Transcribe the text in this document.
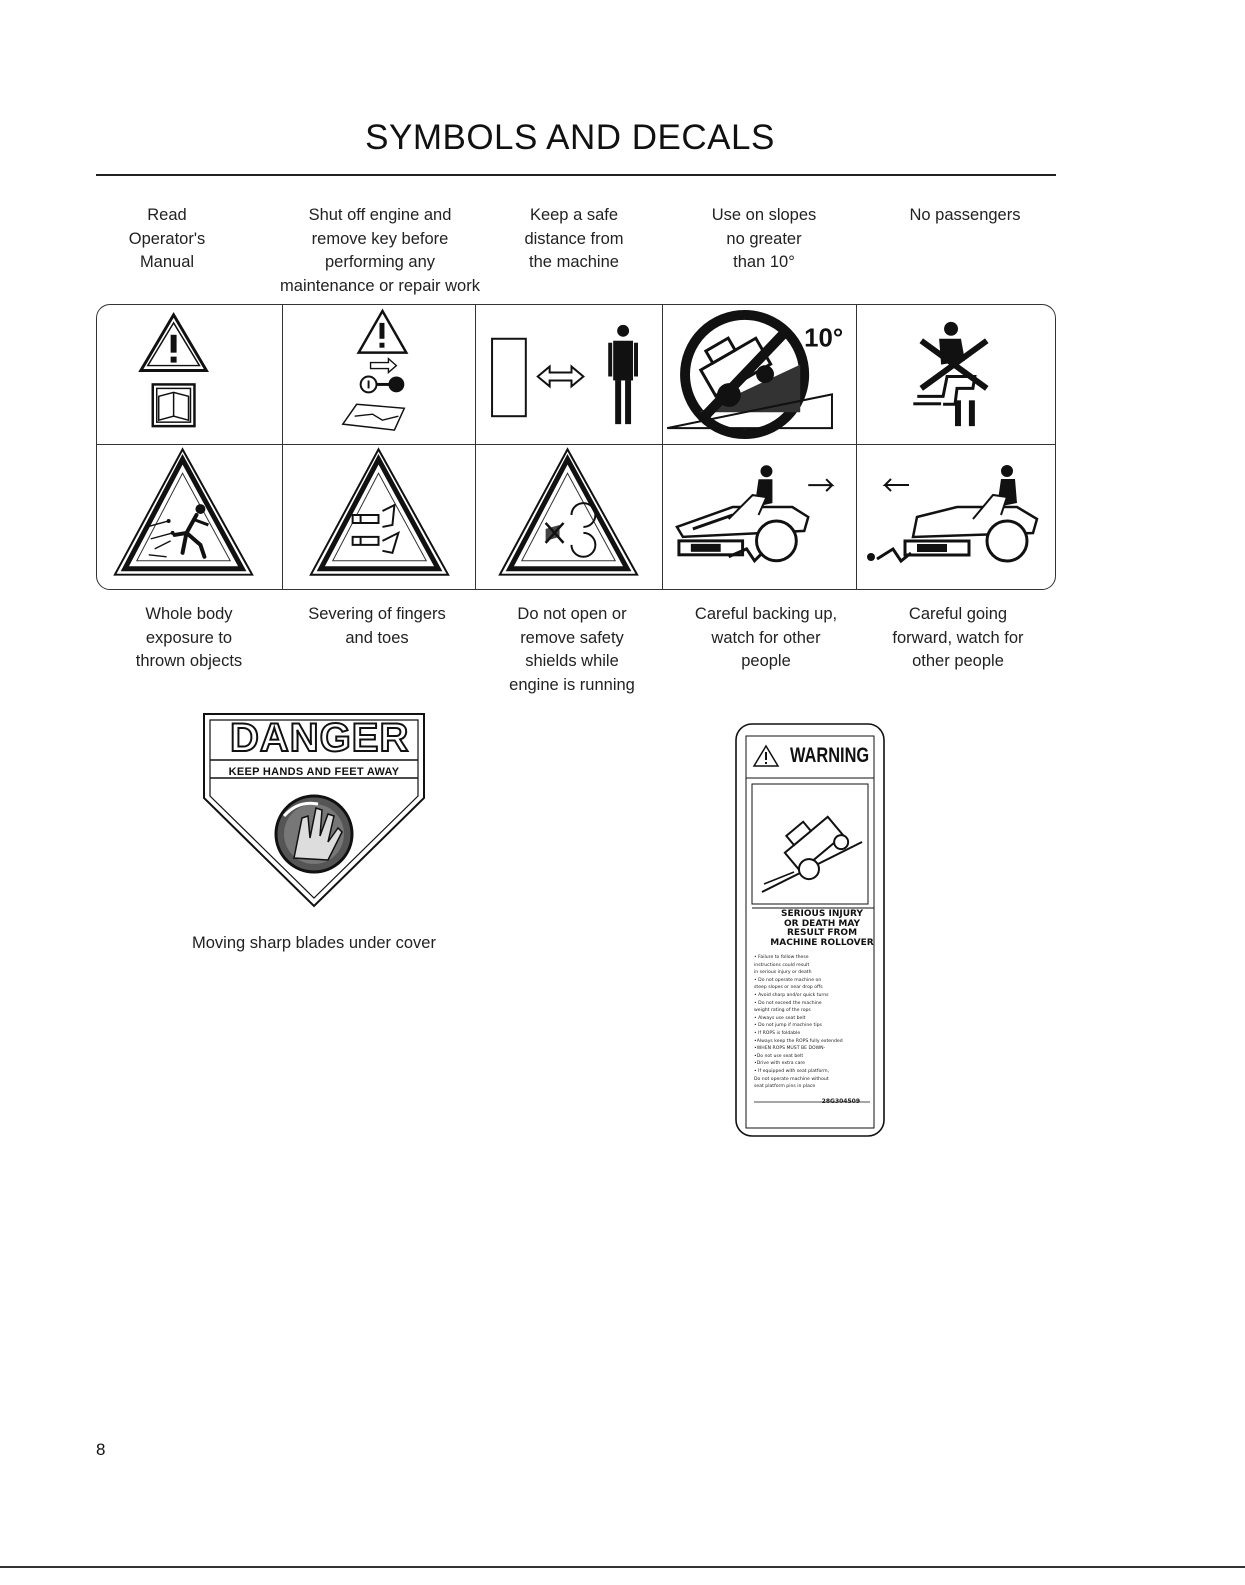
SYMBOLS AND DECALS
Read
Operator's
Manual
Shut off engine and
remove key before
performing any
maintenance or repair work
Keep a safe
distance from
the machine
Use on slopes
no greater
than 10°
No passengers
10°
Whole body
exposure to
thrown objects
Severing of fingers
and toes
Do not open or
remove safety
shields while
engine is running
Careful backing up,
watch for other
people
Careful going
forward, watch for
other people
DANGER
KEEP HANDS AND FEET AWAY
Moving sharp blades under cover
WARNING
SERIOUS INJURY
OR DEATH MAY
RESULT FROM
MACHINE ROLLOVER
• Failure to follow these
instructions could result
in serious injury or death
• Do not operate machine on
steep slopes or near drop offs
• Avoid sharp and/or quick turns
• Do not exceed the machine
weight rating of the rops
• Always use seat belt
• Do not jump if machine tips
• If ROPS is foldable
•Always keep the ROPS fully extended
•WHEN ROPS MUST BE DOWN-
•Do not use seat belt
•Drive with extra care
• If equipped with seat platform,
Do not operate machine without
seat platform pins in place
28G304509
8
